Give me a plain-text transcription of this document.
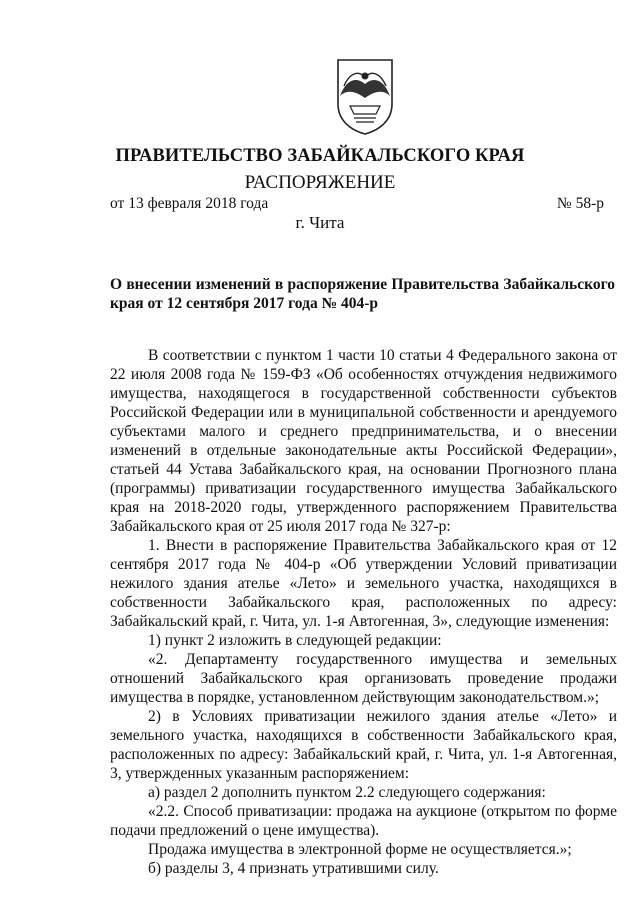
ПРАВИТЕЛЬСТВО ЗАБАЙКАЛЬСКОГО КРАЯ
РАСПОРЯЖЕНИЕ
от 13 февраля 2018 года	№ 58-р
г. Чита
О внесении изменений в распоряжение Правительства Забайкальского края от 12 сентября 2017 года № 404-р

В соответствии с пунктом 1 части 10 статьи 4 Федерального закона от 22 июля 2008 года № 159-ФЗ «Об особенностях отчуждения недвижимого имущества, находящегося в государственной собственности субъектов Российской Федерации или в муниципальной собственности и арендуемого субъектами малого и среднего предпринимательства, и о внесении изменений в отдельные законодательные акты Российской Федерации», статьей 44 Устава Забайкальского края, на основании Прогнозного плана (программы) приватизации государственного имущества Забайкальского края на 2018-2020 годы, утвержденного распоряжением Правительства Забайкальского края от 25 июля 2017 года № 327-р:

1. Внести в распоряжение Правительства Забайкальского края от 12 сентября 2017 года № 404-р «Об утверждении Условий приватизации нежилого здания ателье «Лето» и земельного участка, находящихся в собственности Забайкальского края, расположенных по адресу: Забайкальский край, г. Чита, ул. 1-я Автогенная, 3», следующие изменения:

1) пункт 2 изложить в следующей редакции:

«2. Департаменту государственного имущества и земельных отношений Забайкальского края организовать проведение продажи имущества в порядке, установленном действующим законодательством.»;

2) в Условиях приватизации нежилого здания ателье «Лето» и земельного участка, находящихся в собственности Забайкальского края, расположенных по адресу: Забайкальский край, г. Чита, ул. 1-я Автогенная, 3, утвержденных указанным распоряжением:

а) раздел 2 дополнить пунктом 2.2 следующего содержания:

«2.2. Способ приватизации: продажа на аукционе (открытом по форме подачи предложений о цене имущества).

Продажа имущества в электронной форме не осуществляется.»;

б) разделы 3, 4 признать утратившими силу.
